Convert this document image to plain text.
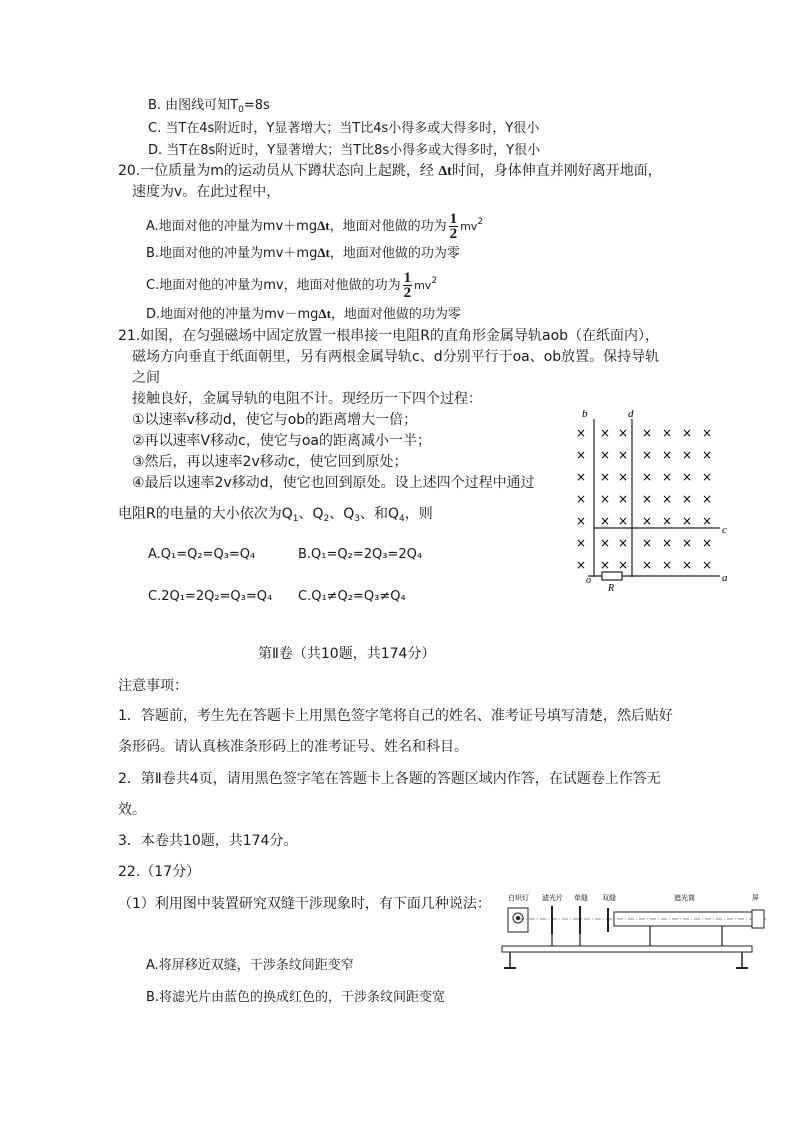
B. 由图线可知$T_0=8s$
C. 当T在4s附近时，Y显著增大；当T比4s小得多或大得多时，Y很小
D. 当T在8s附近时，Y显著增大；当T比8s小得多或大得多时，Y很小
20.一位质量为m的运动员从下蹲状态向上起跳，经 Δt时间，身体伸直并刚好离开地面，
速度为v。在此过程中，
A.地面对他的冲量为mv＋mgΔt，地面对他做的功为 $\frac{1}{2} mv^2$
B.地面对他的冲量为mv＋mgΔt，地面对他做的功为零
C.地面对他的冲量为mv，地面对他做的功为 $\frac{1}{2} mv^2$
D.地面对他的冲量为mv－mgΔt，地面对他做的功为零
21.如图，在匀强磁场中固定放置一根串接一电阻R的直角形金属导轨aob（在纸面内），
磁场方向垂直于纸面朝里，另有两根金属导轨c、d分别平行于oa、ob放置。保持导轨
之间
接触良好，金属导轨的电阻不计。现经历一下四个过程：
①以速率v移动d，使它与ob的距离增大一倍；
②再以速率V移动c，使它与oa的距离减小一半；
③然后，再以速率2v移动c，使它回到原处；
④最后以速率2v移动d，使它也回到原处。设上述四个过程中通过
电阻R的电量的大小依次为$Q_1$、$Q_2$、$Q_3$、和$Q_4$，则
A.Q₁=Q₂=Q₃=Q₄	B.Q₁=Q₂=2Q₃=2Q₄
C.2Q₁=2Q₂=Q₃=Q₄ C.Q₁≠Q₂=Q₃≠Q₄
× × × × × × ×
× × × × × × ×
× × × × × × ×
× × × × × × ×
× × × × × × ×
× × × × × × ×
× × × × × × ×
b	d
c
a
o
R
第Ⅱ卷（共10题，共174分）
注意事项：
1．答题前，考生先在答题卡上用黑色签字笔将自己的姓名、准考证号填写清楚，然后贴好
条形码。请认真核准条形码上的准考证号、姓名和科目。
2．第Ⅱ卷共4页，请用黑色签字笔在答题卡上各题的答题区域内作答，在试题卷上作答无
效。
3．本卷共10题，共174分。
22.（17分）
（1）利用图中装置研究双缝干涉现象时，有下面几种说法：
A.将屏移近双缝，干涉条纹间距变窄
B.将滤光片由蓝色的换成红色的，干涉条纹间距变宽
白炽灯 滤光片 单缝 双缝	遮光筒	屏
